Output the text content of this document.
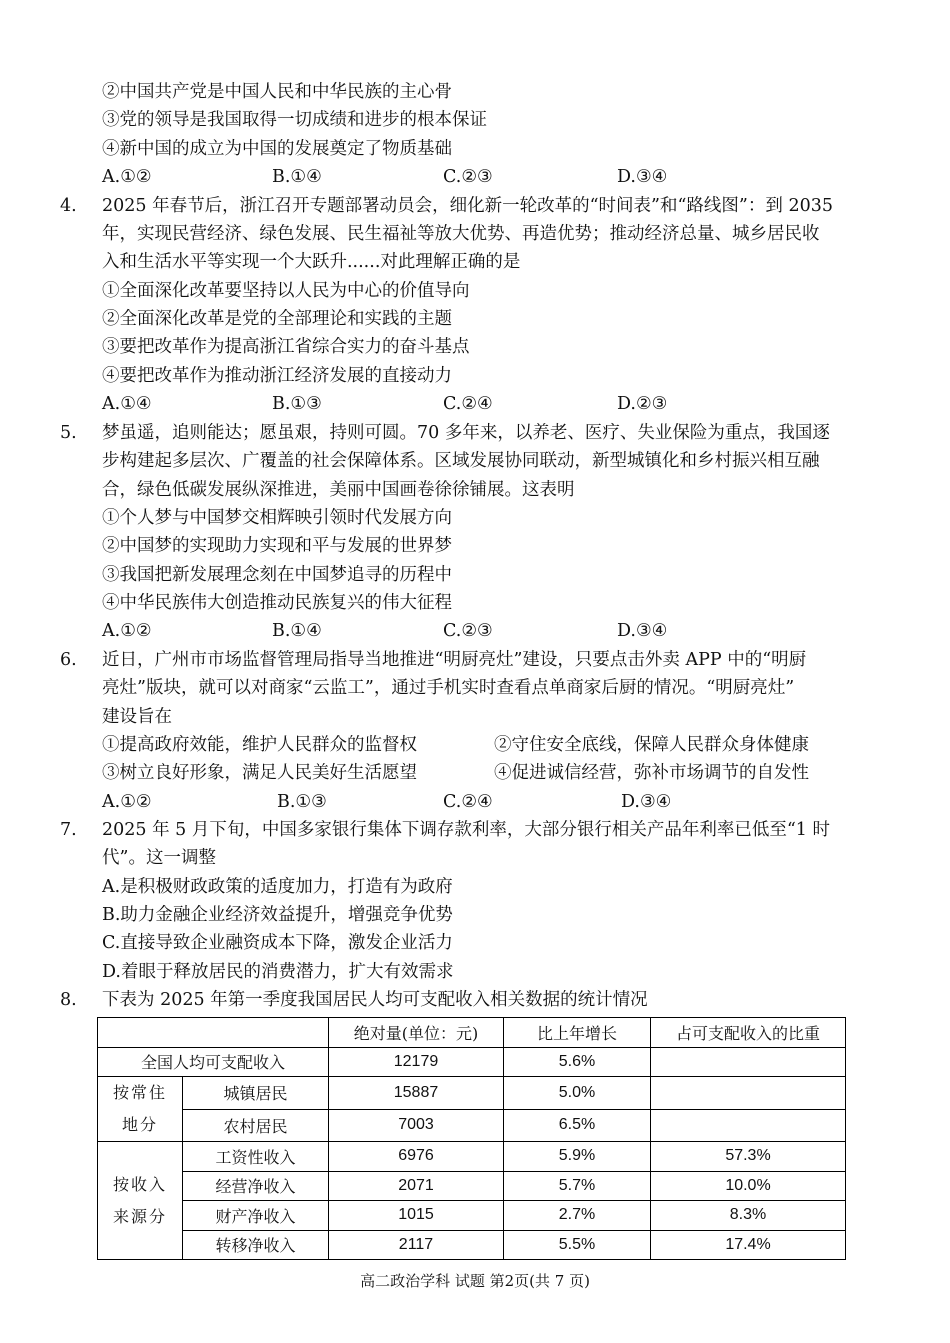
②中国共产党是中国人民和中华民族的主心骨
③党的领导是我国取得一切成绩和进步的根本保证
④新中国的成立为中国的发展奠定了物质基础
A.①②	B.①④	C.②③	D.③④
4. 2025 年春节后，浙江召开专题部署动员会，细化新一轮改革的“时间表”和“路线图”：到 2035
年，实现民营经济、绿色发展、民生福祉等放大优势、再造优势；推动经济总量、城乡居民收
入和生活水平等实现一个大跃升......对此理解正确的是
①全面深化改革要坚持以人民为中心的价值导向
②全面深化改革是党的全部理论和实践的主题
③要把改革作为提高浙江省综合实力的奋斗基点
④要把改革作为推动浙江经济发展的直接动力
A.①④	B.①③	C.②④	D.②③
5. 梦虽遥，追则能达；愿虽艰，持则可圆。70 多年来，以养老、医疗、失业保险为重点，我国逐
步构建起多层次、广覆盖的社会保障体系。区域发展协同联动，新型城镇化和乡村振兴相互融
合，绿色低碳发展纵深推进，美丽中国画卷徐徐铺展。这表明
①个人梦与中国梦交相辉映引领时代发展方向
②中国梦的实现助力实现和平与发展的世界梦
③我国把新发展理念刻在中国梦追寻的历程中
④中华民族伟大创造推动民族复兴的伟大征程
A.①②	B.①④	C.②③	D.③④
6. 近日，广州市市场监督管理局指导当地推进“明厨亮灶”建设，只要点击外卖 APP 中的“明厨
亮灶”版块，就可以对商家“云监工”，通过手机实时查看点单商家后厨的情况。“明厨亮灶”
建设旨在
①提高政府效能，维护人民群众的监督权	②守住安全底线，保障人民群众身体健康
③树立良好形象，满足人民美好生活愿望	④促进诚信经营，弥补市场调节的自发性
A.①②	B.①③	C.②④	D.③④
7. 2025 年 5 月下旬，中国多家银行集体下调存款利率，大部分银行相关产品年利率已低至“1 时
代”。这一调整
A.是积极财政政策的适度加力，打造有为政府
B.助力金融企业经济效益提升，增强竞争优势
C.直接导致企业融资成本下降，激发企业活力
D.着眼于释放居民的消费潜力，扩大有效需求
8. 下表为 2025 年第一季度我国居民人均可支配收入相关数据的统计情况
		绝对量(单位：元)	比上年增长	占可支配收入的比重
全国人均可支配收入		12179	5.6%	
按常住地分	城镇居民	15887	5.0%	
	农村居民	7003	6.5%	
按收入来源分	工资性收入	6976	5.9%	57.3%
	经营净收入	2071	5.7%	10.0%
	财产净收入	1015	2.7%	8.3%
	转移净收入	2117	5.5%	17.4%
高二政治学科 试题 第2页(共 7 页)
